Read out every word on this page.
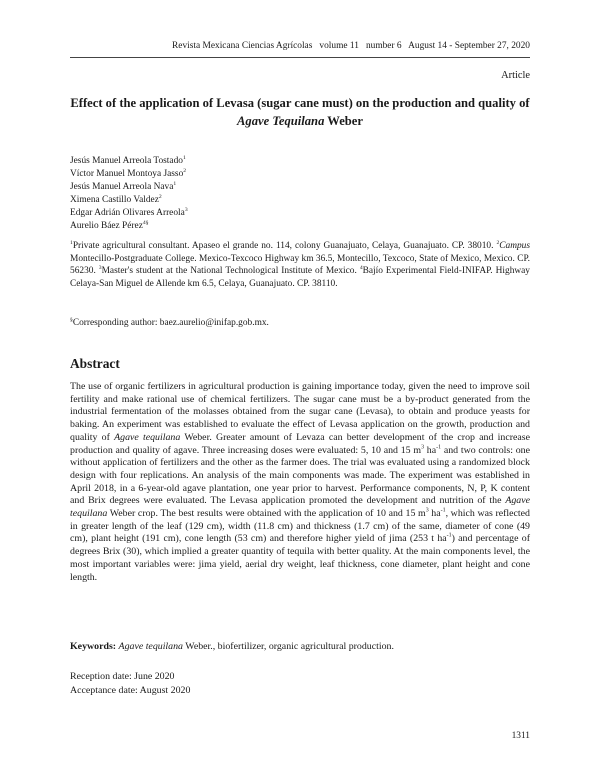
Revista Mexicana Ciencias Agrícolas volume 11 number 6 August 14 - September 27, 2020
Article
Effect of the application of Levasa (sugar cane must) on the production and quality of Agave Tequilana Weber
Jesús Manuel Arreola Tostado$^1$
Víctor Manuel Montoya Jasso$^2$
Jesús Manuel Arreola Nava$^1$
Ximena Castillo Valdez$^2$
Edgar Adrián Olivares Arreola$^3$
Aurelio Báez Pérez$^{4\S}$
$^1$Private agricultural consultant. Apaseo el grande no. 114, colony Guanajuato, Celaya, Guanajuato. CP. 38010. $^2$Campus Montecillo-Postgraduate College. Mexico-Texcoco Highway km 36.5, Montecillo, Texcoco, State of Mexico, Mexico. CP. 56230. $^3$Master's student at the National Technological Institute of Mexico. $^4$Bajío Experimental Field-INIFAP. Highway Celaya-San Miguel de Allende km 6.5, Celaya, Guanajuato. CP. 38110.
§Corresponding author: baez.aurelio@inifap.gob.mx.
Abstract
The use of organic fertilizers in agricultural production is gaining importance today, given the need to improve soil fertility and make rational use of chemical fertilizers. The sugar cane must be a by-product generated from the industrial fermentation of the molasses obtained from the sugar cane (Levasa), to obtain and produce yeasts for baking. An experiment was established to evaluate the effect of Levasa application on the growth, production and quality of Agave tequilana Weber. Greater amount of Levaza can better development of the crop and increase production and quality of agave. Three increasing doses were evaluated: 5, 10 and 15 $m^3$ $ha^{-1}$ and two controls: one without application of fertilizers and the other as the farmer does. The trial was evaluated using a randomized block design with four replications. An analysis of the main components was made. The experiment was established in April 2018, in a 6-year-old agave plantation, one year prior to harvest. Performance components, N, P, K content and Brix degrees were evaluated. The Levasa application promoted the development and nutrition of the Agave tequilana Weber crop. The best results were obtained with the application of 10 and 15 $m^3$ $ha^{-1}$, which was reflected in greater length of the leaf (129 cm), width (11.8 cm) and thickness (1.7 cm) of the same, diameter of cone (49 cm), plant height (191 cm), cone length (53 cm) and therefore higher yield of jima (253 t $ha^{-1}$) and percentage of degrees Brix (30), which implied a greater quantity of tequila with better quality. At the main components level, the most important variables were: jima yield, aerial dry weight, leaf thickness, cone diameter, plant height and cone length.
Keywords: Agave tequilana Weber., biofertilizer, organic agricultural production.
Reception date: June 2020
Acceptance date: August 2020
1311
